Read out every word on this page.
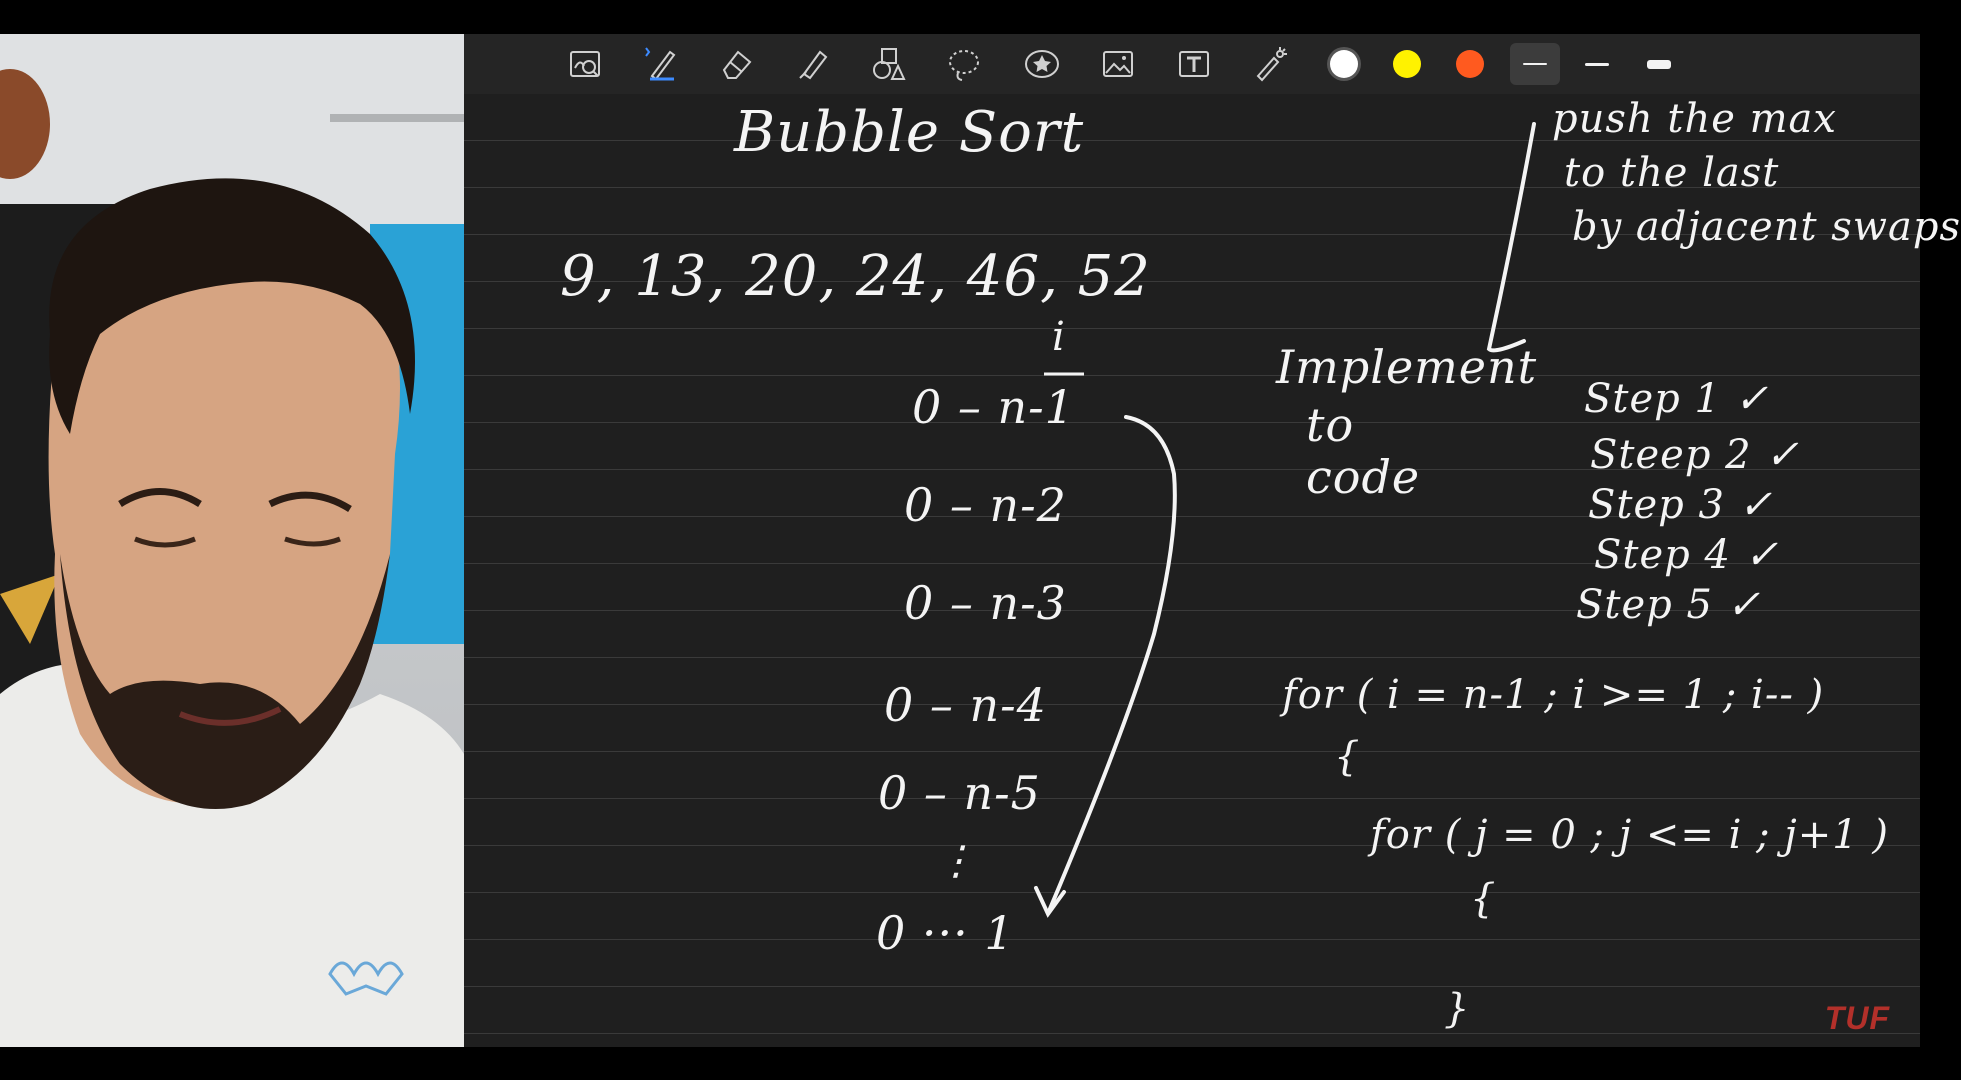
Bubble Sort
9, 13, 20, 24, 46, 52
i
0 – n-1
0 – n-2
0 – n-3
0 – n-4
0 – n-5
⋮
0 ··· 1
push the max
to the last
by adjacent swaps
Implement
to
code
Step 1 ✓
Steep 2 ✓
Step 3 ✓
Step 4 ✓
Step 5 ✓
for ( i = n-1 ; i >= 1 ; i-- )
{
for ( j = 0 ; j <= i ; j+1 )
{
}	TUF
